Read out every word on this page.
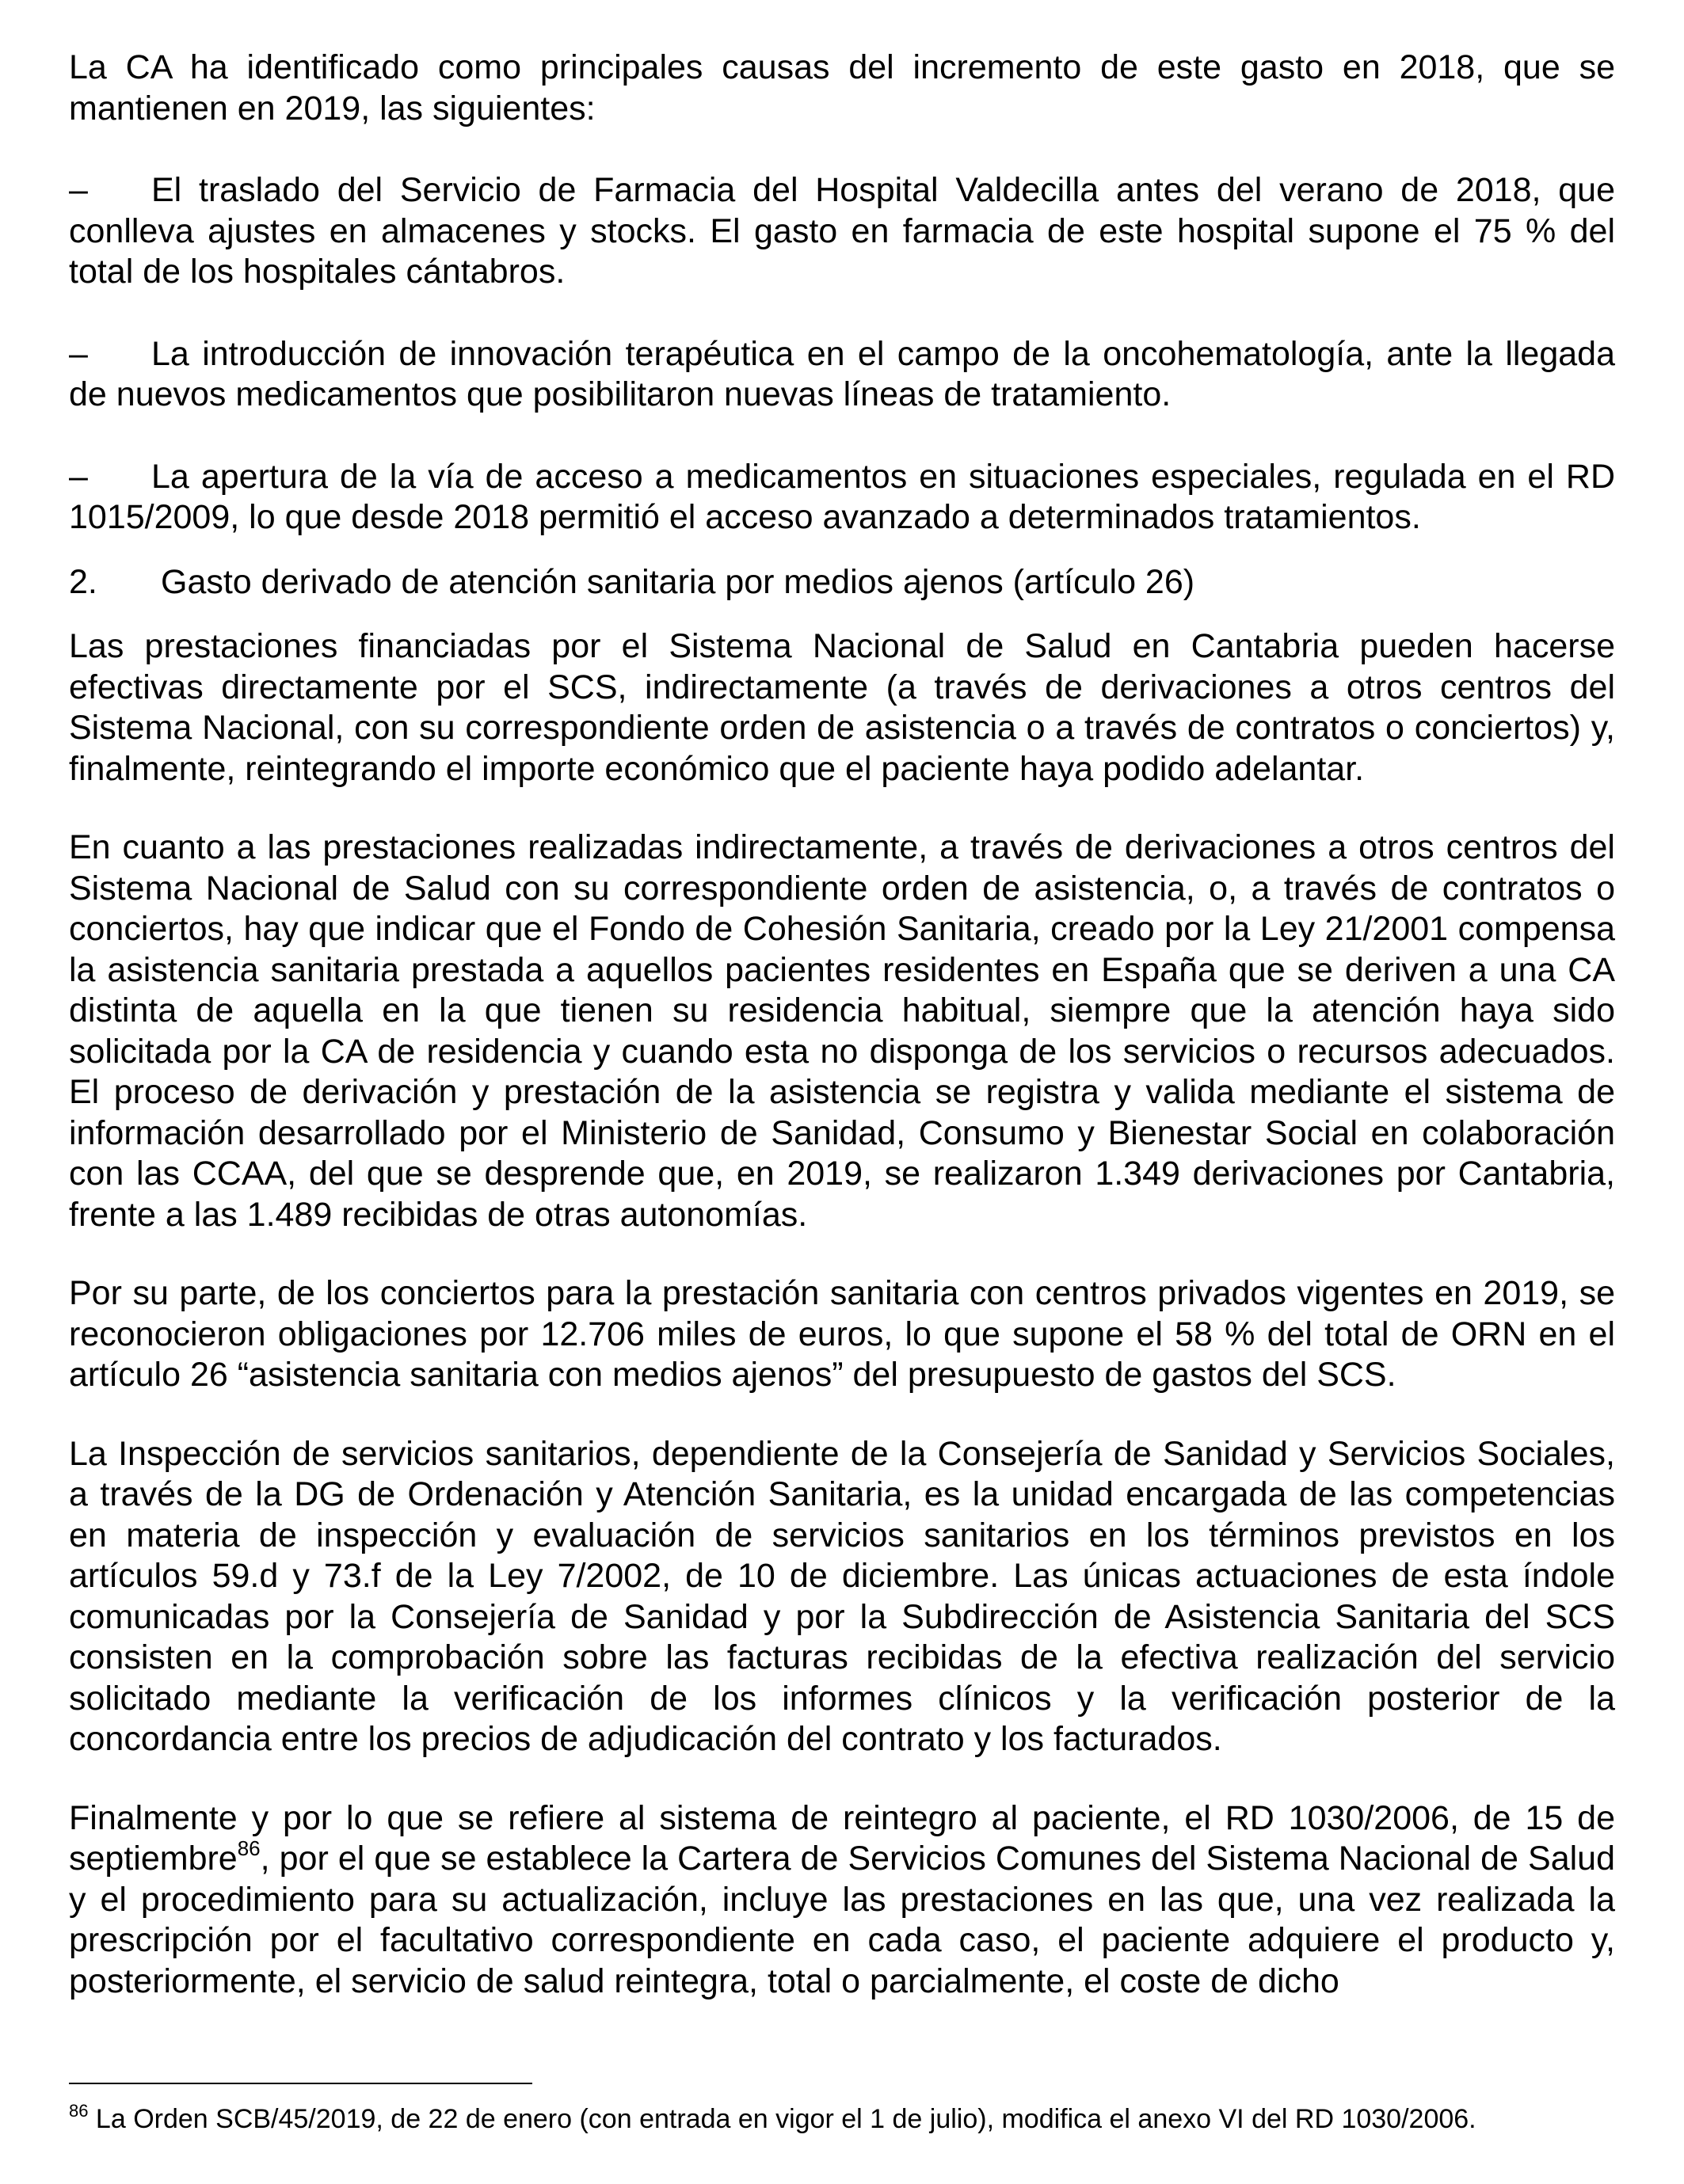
La CA ha identificado como principales causas del incremento de este gasto en 2018, que se mantienen en 2019, las siguientes:

– El traslado del Servicio de Farmacia del Hospital Valdecilla antes del verano de 2018, que conlleva ajustes en almacenes y stocks. El gasto en farmacia de este hospital supone el 75 % del total de los hospitales cántabros.

– La introducción de innovación terapéutica en el campo de la oncohematología, ante la llegada de nuevos medicamentos que posibilitaron nuevas líneas de tratamiento.

– La apertura de la vía de acceso a medicamentos en situaciones especiales, regulada en el RD 1015/2009, lo que desde 2018 permitió el acceso avanzado a determinados tratamientos.

2. Gasto derivado de atención sanitaria por medios ajenos (artículo 26)

Las prestaciones financiadas por el Sistema Nacional de Salud en Cantabria pueden hacerse efectivas directamente por el SCS, indirectamente (a través de derivaciones a otros centros del Sistema Nacional, con su correspondiente orden de asistencia o a través de contratos o conciertos) y, finalmente, reintegrando el importe económico que el paciente haya podido adelantar.

En cuanto a las prestaciones realizadas indirectamente, a través de derivaciones a otros centros del Sistema Nacional de Salud con su correspondiente orden de asistencia, o, a través de contratos o conciertos, hay que indicar que el Fondo de Cohesión Sanitaria, creado por la Ley 21/2001 compensa la asistencia sanitaria prestada a aquellos pacientes residentes en España que se deriven a una CA distinta de aquella en la que tienen su residencia habitual, siempre que la atención haya sido solicitada por la CA de residencia y cuando esta no disponga de los servicios o recursos adecuados. El proceso de derivación y prestación de la asistencia se registra y valida mediante el sistema de información desarrollado por el Ministerio de Sanidad, Consumo y Bienestar Social en colaboración con las CCAA, del que se desprende que, en 2019, se realizaron 1.349 derivaciones por Cantabria, frente a las 1.489 recibidas de otras autonomías.

Por su parte, de los conciertos para la prestación sanitaria con centros privados vigentes en 2019, se reconocieron obligaciones por 12.706 miles de euros, lo que supone el 58 % del total de ORN en el artículo 26 “asistencia sanitaria con medios ajenos” del presupuesto de gastos del SCS.

La Inspección de servicios sanitarios, dependiente de la Consejería de Sanidad y Servicios Sociales, a través de la DG de Ordenación y Atención Sanitaria, es la unidad encargada de las competencias en materia de inspección y evaluación de servicios sanitarios en los términos previstos en los artículos 59.d y 73.f de la Ley 7/2002, de 10 de diciembre. Las únicas actuaciones de esta índole comunicadas por la Consejería de Sanidad y por la Subdirección de Asistencia Sanitaria del SCS consisten en la comprobación sobre las facturas recibidas de la efectiva realización del servicio solicitado mediante la verificación de los informes clínicos y la verificación posterior de la concordancia entre los precios de adjudicación del contrato y los facturados.

Finalmente y por lo que se refiere al sistema de reintegro al paciente, el RD 1030/2006, de 15 de septiembre$^{86}$, por el que se establece la Cartera de Servicios Comunes del Sistema Nacional de Salud y el procedimiento para su actualización, incluye las prestaciones en las que, una vez realizada la prescripción por el facultativo correspondiente en cada caso, el paciente adquiere el producto y, posteriormente, el servicio de salud reintegra, total o parcialmente, el coste de dicho

$^{86}$ La Orden SCB/45/2019, de 22 de enero (con entrada en vigor el 1 de julio), modifica el anexo VI del RD 1030/2006.
